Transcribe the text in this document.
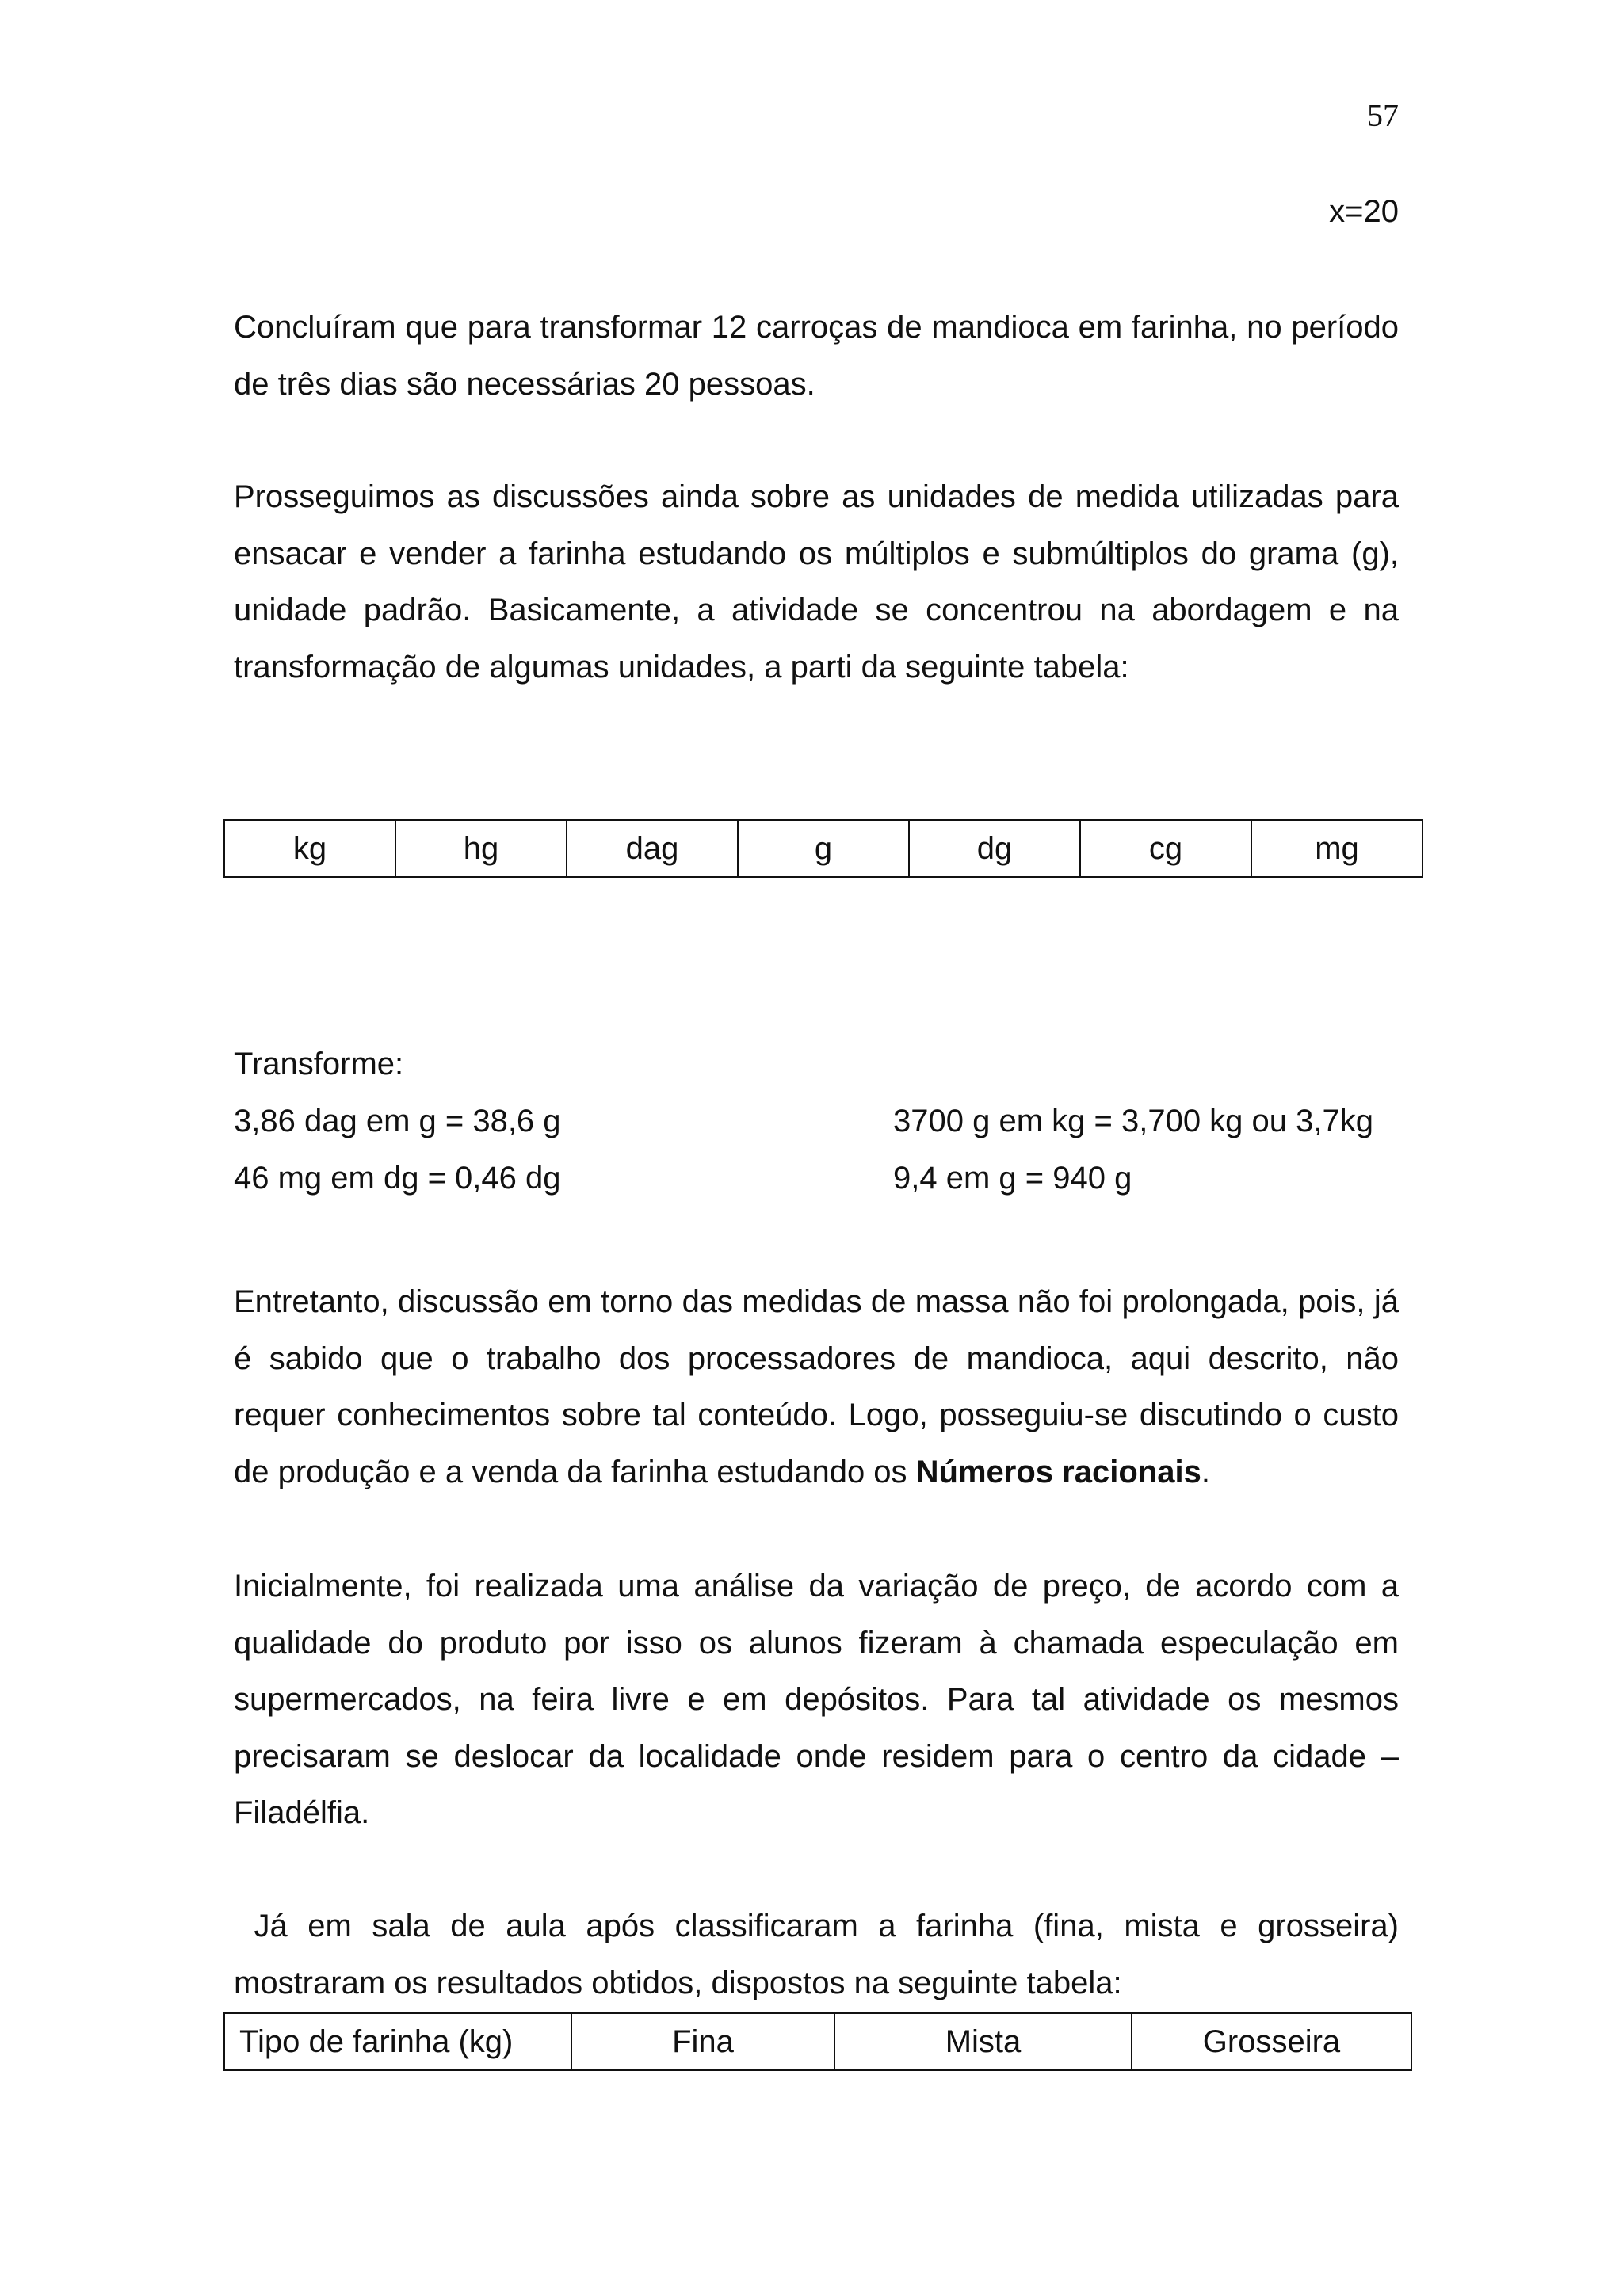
57
x=20

Concluíram que para transformar 12 carroças de mandioca em farinha, no período de três dias são necessárias 20 pessoas.

Prosseguimos as discussões ainda sobre as unidades de medida utilizadas para ensacar e vender a farinha estudando os múltiplos e submúltiplos do grama (g), unidade padrão. Basicamente, a atividade se concentrou na abordagem e na transformação de algumas unidades, a parti da seguinte tabela:

kg	hg	dag	g	dg	cg	mg
Transforme:
3,86 dag em g = 38,6 g	3700 g em kg = 3,700 kg ou 3,7kg
46 mg em dg = 0,46 dg	9,4 em g = 940 g

Entretanto, discussão em torno das medidas de massa não foi prolongada, pois, já é sabido que o trabalho dos processadores de mandioca, aqui descrito, não requer conhecimentos sobre tal conteúdo. Logo, posseguiu-se discutindo o custo de produção e a venda da farinha estudando os Números racionais.

Inicialmente, foi realizada uma análise da variação de preço, de acordo com a qualidade do produto por isso os alunos fizeram à chamada especulação em supermercados, na feira livre e em depósitos. Para tal atividade os mesmos precisaram se deslocar da localidade onde residem para o centro da cidade – Filadélfia.

Já em sala de aula após classificaram a farinha (fina, mista e grosseira) mostraram os resultados obtidos, dispostos na seguinte tabela:

Tipo de farinha (kg)	Fina	Mista	Grosseira
